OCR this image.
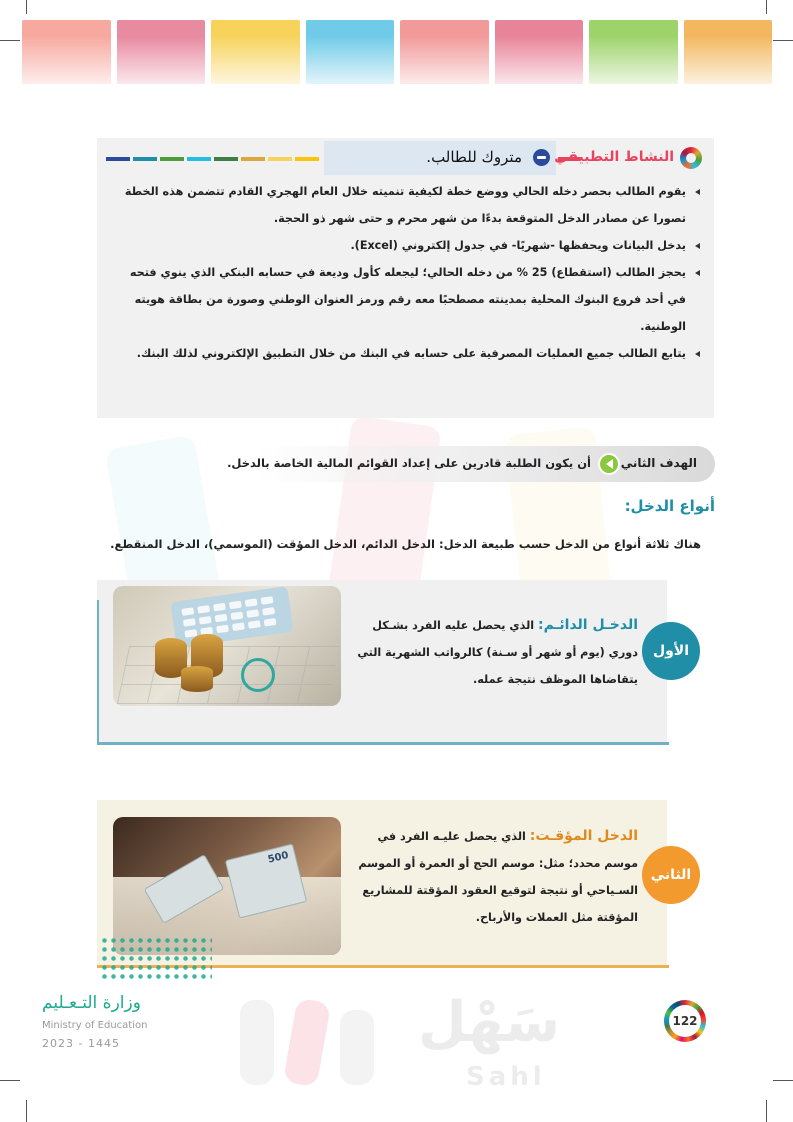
متروك للطالب. النشاط التطبيقي
يقوم الطالب بحصر دخله الحالي ووضع خطة لكيفية تنميته خلال العام الهجري القادم تتضمن هذه الخطة تصورا عن مصادر الدخل المتوقعة بدءًا من شهر محرم و حتى شهر ذو الحجة.
يدخل البيانات ويحفظها -شهريًا- في جدول إلكتروني (Excel).
يحجز الطالب (استقطاع) 25 % من دخله الحالي؛ ليجعله كأول وديعة في حسابه البنكي الذي ينوي فتحه في أحد فروع البنوك المحلية بمدينته مصطحبًا معه رقم ورمز العنوان الوطني وصورة من بطاقة هويته الوطنية.
يتابع الطالب جميع العمليات المصرفية على حسابه في البنك من خلال التطبيق الإلكتروني لذلك البنك.
الهدف الثاني
أن يكون الطلبة قادرين على إعداد القوائم المالية الخاصة بالدخل.
أنواع الدخل:
هناك ثلاثة أنواع من الدخل حسب طبيعة الدخل: الدخل الدائم، الدخل المؤقت (الموسمي)، الدخل المنقطع.
الأول

الدخـل الدائـم: الذي يحصل عليه الفرد بشـكل

دوري (يوم أو شهر أو سـنة) كالرواتب الشهرية التي

يتقاضاها الموظف نتيجة عمله.

500
الثاني

الدخل المؤقـت: الذي يحصل عليـه الفرد في

موسم محدد؛ مثل: موسم الحج أو العمرة أو الموسم

السـياحي أو نتيجة لتوقيع العقود المؤقتة للمشاريع

المؤقتة مثل العملات والأرباح.

وزارة التـعـليم
Ministry of Education
2023 - 1445	سَهْل
Sahl
122
